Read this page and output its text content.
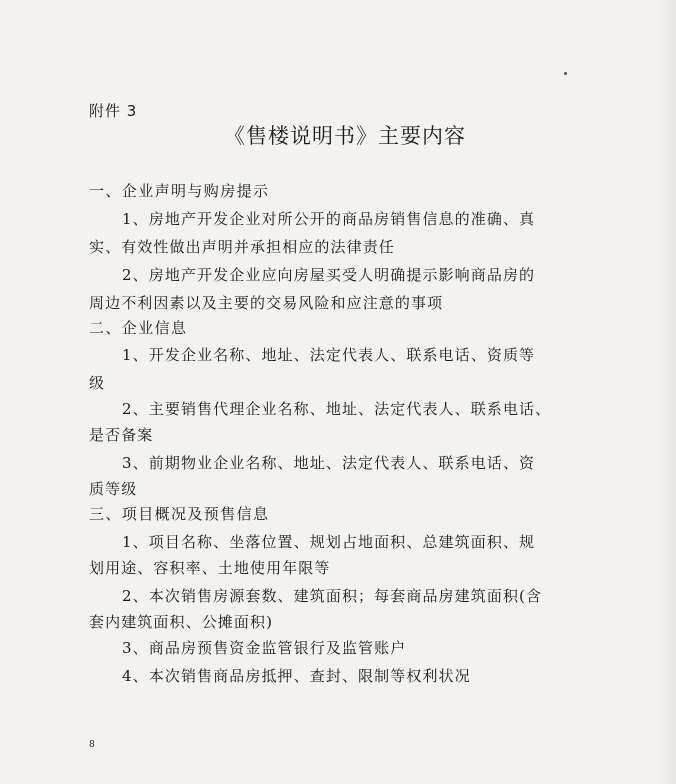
附件 3
《售楼说明书》主要内容
一、企业声明与购房提示
1、房地产开发企业对所公开的商品房销售信息的准确、真
实、有效性做出声明并承担相应的法律责任
2、房地产开发企业应向房屋买受人明确提示影响商品房的
周边不利因素以及主要的交易风险和应注意的事项
二、企业信息
1、开发企业名称、地址、法定代表人、联系电话、资质等
级
2、主要销售代理企业名称、地址、法定代表人、联系电话、
是否备案
3、前期物业企业名称、地址、法定代表人、联系电话、资
质等级
三、项目概况及预售信息
1、项目名称、坐落位置、规划占地面积、总建筑面积、规
划用途、容积率、土地使用年限等
2、本次销售房源套数、建筑面积；每套商品房建筑面积(含
套内建筑面积、公摊面积)
3、商品房预售资金监管银行及监管账户
4、本次销售商品房抵押、查封、限制等权利状况
8
